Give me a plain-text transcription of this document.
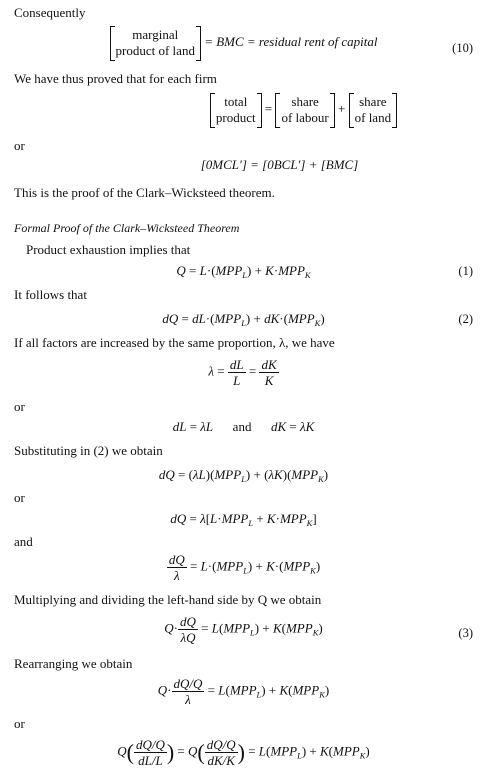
Consequently
marginal
product of land = BMC = residual rent of capital	(10)
We have thus proved that for each firm
total
product = share
of labour + share
of land
or
[0MCL′] = [0BCL′] + [BMC]
This is the proof of the Clark–Wicksteed theorem.
Formal Proof of the Clark–Wicksteed Theorem
Product exhaustion implies that
$Q = L\cdot(MPP_L) + K\cdot MPP_K$	(1)
It follows that
dQ = $dL\cdot(MPP_L) + dK\cdot(MPP_K)$	(2)
If all factors are increased by the same proportion, λ, we have
$\lambda = \frac{dL}{L} = \frac{dK}{K}$
or
dL = λL and dK = λK
Substituting in (2) we obtain
dQ = $(\lambda L)(MPP_L) + (\lambda K)(MPP_K)$
or
dQ = $\lambda[L\cdot MPP_L + K\cdot MPP_K]$
and
$\frac{dQ}{\lambda} = L\cdot(MPP_L) + K\cdot(MPP_K)$
Multiplying and dividing the left-hand side by Q we obtain
$Q\cdot \frac{dQ}{\lambda Q} = L(MPP_L) + K(MPP_K)$	(3)
Rearranging we obtain
$Q\cdot \frac{dQ/Q}{\lambda} = L(MPP_L) + K(MPP_K)$
or
$Q( \frac{dQ/Q}{dL/L}$ ) = $Q( \frac{dQ/Q}{dK/K}$ ) = $L(MPP_L) + K(MPP_K)$
